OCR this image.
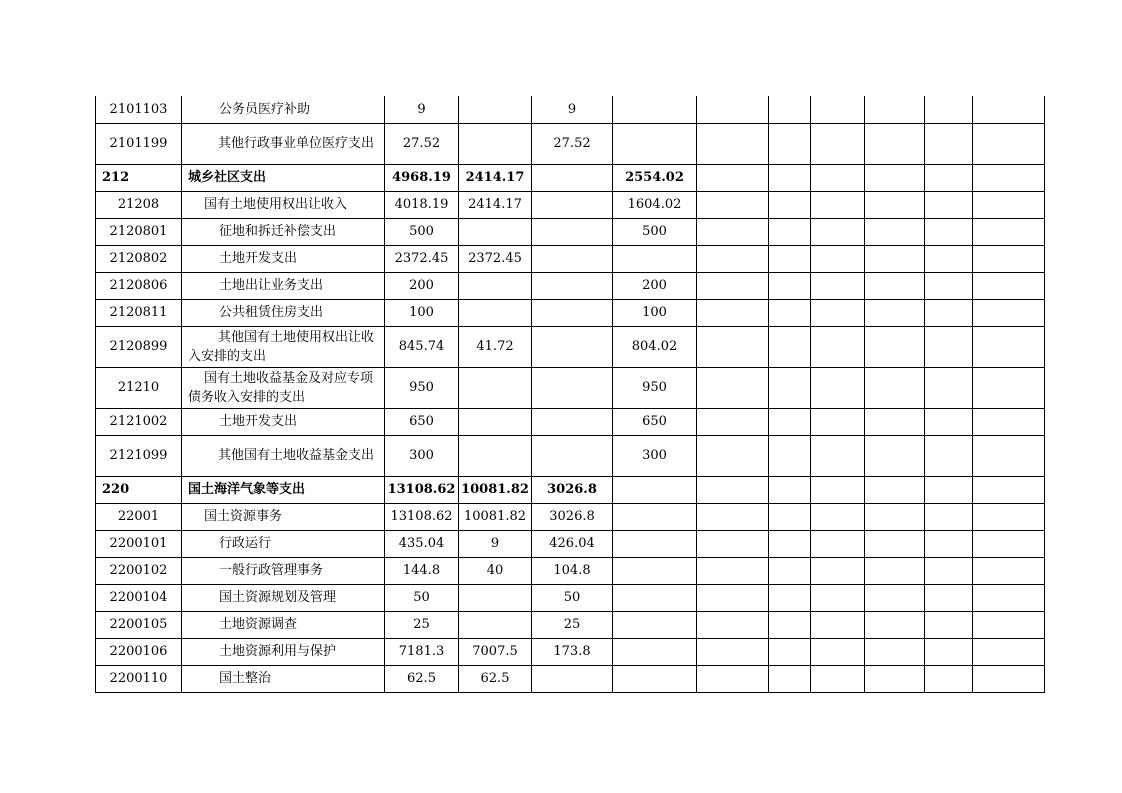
2101103	公务员医疗补助	9		9							
2101199	其他行政事业单位医疗支出	27.52		27.52							
212	城乡社区支出	4968.19	2414.17		2554.02						
21208	国有土地使用权出让收入	4018.19	2414.17		1604.02						
2120801	征地和拆迁补偿支出	500			500						
2120802	土地开发支出	2372.45	2372.45								
2120806	土地出让业务支出	200			200						
2120811	公共租赁住房支出	100			100						
2120899	其他国有土地使用权出让收入安排的支出	845.74	41.72		804.02						
21210	国有土地收益基金及对应专项债务收入安排的支出	950			950						
2121002	土地开发支出	650			650						
2121099	其他国有土地收益基金支出	300			300						
220	国土海洋气象等支出	13108.62	10081.82	3026.8							
22001	国土资源事务	13108.62	10081.82	3026.8							
2200101	行政运行	435.04	9	426.04							
2200102	一般行政管理事务	144.8	40	104.8							
2200104	国土资源规划及管理	50		50							
2200105	土地资源调查	25		25							
2200106	土地资源利用与保护	7181.3	7007.5	173.8							
2200110	国土整治	62.5	62.5								
